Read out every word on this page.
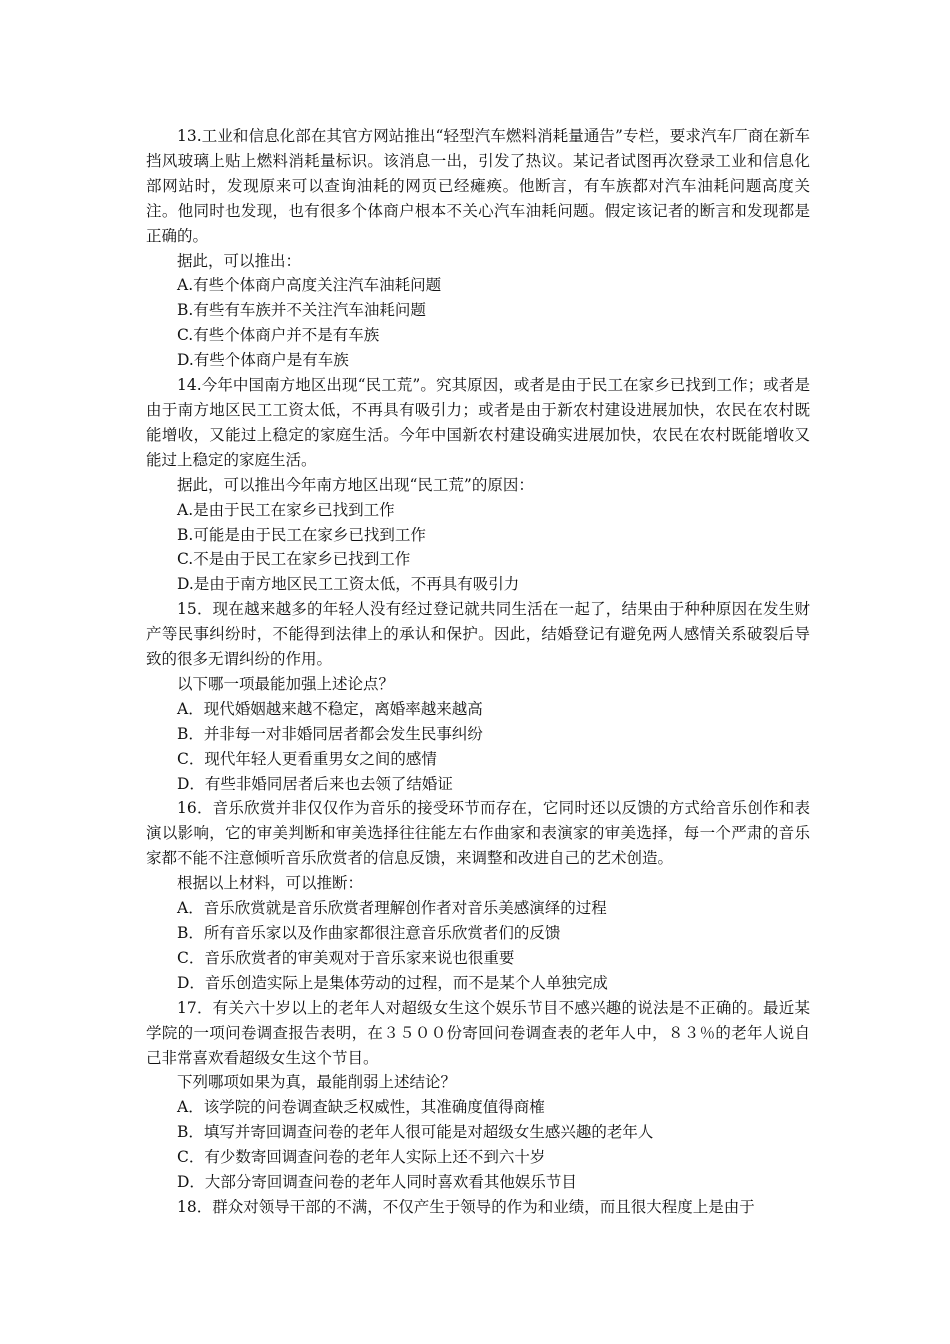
13.工业和信息化部在其官方网站推出“轻型汽车燃料消耗量通告”专栏，要求汽车厂商在新车挡风玻璃上贴上燃料消耗量标识。该消息一出，引发了热议。某记者试图再次登录工业和信息化部网站时，发现原来可以查询油耗的网页已经瘫痪。他断言，有车族都对汽车油耗问题高度关注。他同时也发现，也有很多个体商户根本不关心汽车油耗问题。假定该记者的断言和发现都是正确的。

据此，可以推出：

A.有些个体商户高度关注汽车油耗问题

B.有些有车族并不关注汽车油耗问题

C.有些个体商户并不是有车族

D.有些个体商户是有车族

14.今年中国南方地区出现“民工荒”。究其原因，或者是由于民工在家乡已找到工作；或者是由于南方地区民工工资太低，不再具有吸引力；或者是由于新农村建设进展加快，农民在农村既能增收，又能过上稳定的家庭生活。今年中国新农村建设确实进展加快，农民在农村既能增收又能过上稳定的家庭生活。

据此，可以推出今年南方地区出现“民工荒”的原因：

A.是由于民工在家乡已找到工作

B.可能是由于民工在家乡已找到工作

C.不是由于民工在家乡已找到工作

D.是由于南方地区民工工资太低，不再具有吸引力

15．现在越来越多的年轻人没有经过登记就共同生活在一起了，结果由于种种原因在发生财产等民事纠纷时，不能得到法律上的承认和保护。因此，结婚登记有避免两人感情关系破裂后导致的很多无谓纠纷的作用。

以下哪一项最能加强上述论点？

A．现代婚姻越来越不稳定，离婚率越来越高

B．并非每一对非婚同居者都会发生民事纠纷

C．现代年轻人更看重男女之间的感情

D．有些非婚同居者后来也去领了结婚证

16．音乐欣赏并非仅仅作为音乐的接受环节而存在，它同时还以反馈的方式给音乐创作和表演以影响，它的审美判断和审美选择往往能左右作曲家和表演家的审美选择，每一个严肃的音乐家都不能不注意倾听音乐欣赏者的信息反馈，来调整和改进自己的艺术创造。

根据以上材料，可以推断：

A．音乐欣赏就是音乐欣赏者理解创作者对音乐美感演绎的过程

B．所有音乐家以及作曲家都很注意音乐欣赏者们的反馈

C．音乐欣赏者的审美观对于音乐家来说也很重要

D．音乐创造实际上是集体劳动的过程，而不是某个人单独完成

17．有关六十岁以上的老年人对超级女生这个娱乐节目不感兴趣的说法是不正确的。最近某学院的一项问卷调查报告表明，在３５００份寄回问卷调查表的老年人中，８３％的老年人说自己非常喜欢看超级女生这个节目。

下列哪项如果为真，最能削弱上述结论？

A．该学院的问卷调查缺乏权威性，其准确度值得商榷

B．填写并寄回调查问卷的老年人很可能是对超级女生感兴趣的老年人

C．有少数寄回调查问卷的老年人实际上还不到六十岁

D．大部分寄回调查问卷的老年人同时喜欢看其他娱乐节目

18．群众对领导干部的不满，不仅产生于领导的作为和业绩，而且很大程度上是由于
